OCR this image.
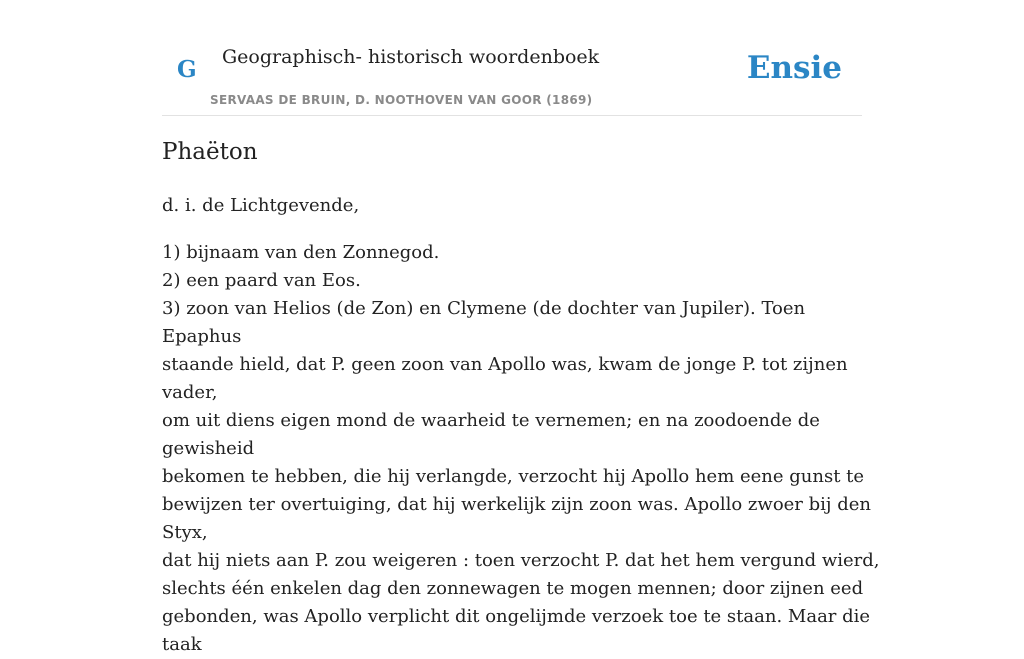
G Geographisch- historisch woordenboek
SERVAAS DE BRUIN, D. NOOTHOVEN VAN GOOR (1869)
Ensie
Phaëton

d. i. de Lichtgevende,

1) bijnaam van den Zonnegod.

2) een paard van Eos.

3) zoon van Helios (de Zon) en Clymene (de dochter van Jupiler). Toen Epaphus

staande hield, dat P. geen zoon van Apollo was, kwam de jonge P. tot zijnen vader,

om uit diens eigen mond de waarheid te vernemen; en na zoodoende de gewisheid

bekomen te hebben, die hij verlangde, verzocht hij Apollo hem eene gunst te

bewijzen ter overtuiging, dat hij werkelijk zijn zoon was. Apollo zwoer bij den Styx,

dat hij niets aan P. zou weigeren : toen verzocht P. dat het hem vergund wierd,

slechts één enkelen dag den zonnewagen te mogen mennen; door zijnen eed

gebonden, was Apollo verplicht dit ongelijmde verzoek toe te staan. Maar die taak
